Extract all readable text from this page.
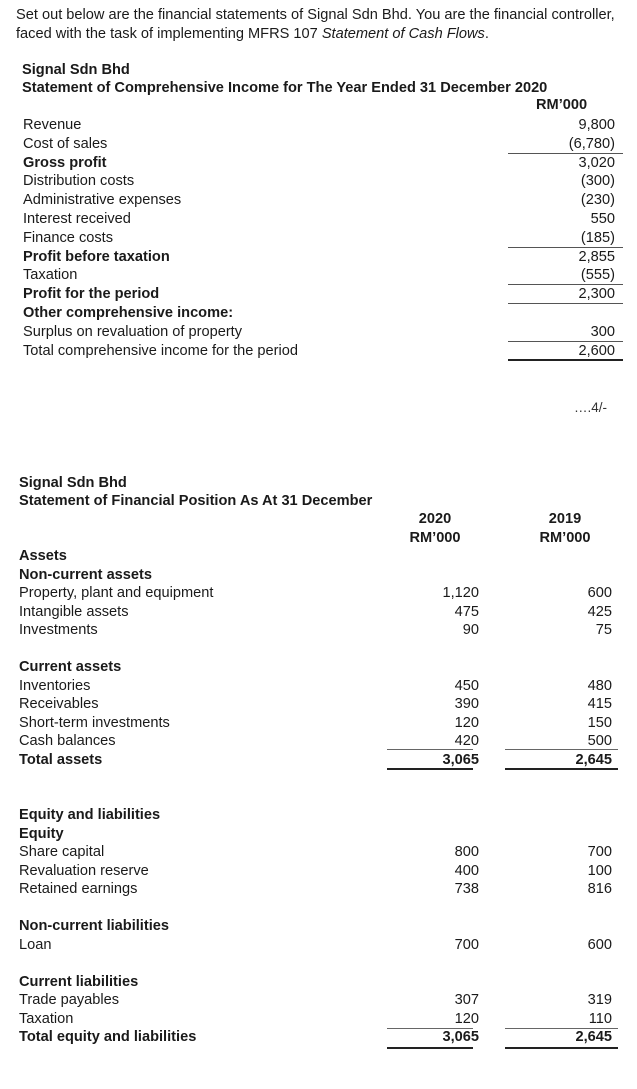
Set out below are the financial statements of Signal Sdn Bhd. You are the financial controller, faced with the task of implementing MFRS 107 Statement of Cash Flows.
Signal Sdn Bhd
Statement of Comprehensive Income for The Year Ended 31 December 2020
RM’000
Revenue	9,800
Cost of sales	(6,780)
Gross profit	3,020
Distribution costs	(300)
Administrative expenses	(230)
Interest received	550
Finance costs	(185)
Profit before taxation	2,855
Taxation	(555)
Profit for the period	2,300
Other comprehensive income:
Surplus on revaluation of property	300
Total comprehensive income for the period	2,600
….4/-
Signal Sdn Bhd
Statement of Financial Position As At 31 December
2020
RM’000
2019
RM’000
Assets
Non-current assets
Property, plant and equipment	1,120	600
Intangible assets	475	425
Investments	90	75
Current assets
Inventories	450	480
Receivables	390	415
Short-term investments	120	150
Cash balances	420	500
Total assets	3,065	2,645
Equity and liabilities
Equity
Share capital	800	700
Revaluation reserve	400	100
Retained earnings	738	816
Non-current liabilities
Loan	700	600
Current liabilities
Trade payables	307	319
Taxation	120	110
Total equity and liabilities	3,065	2,645
